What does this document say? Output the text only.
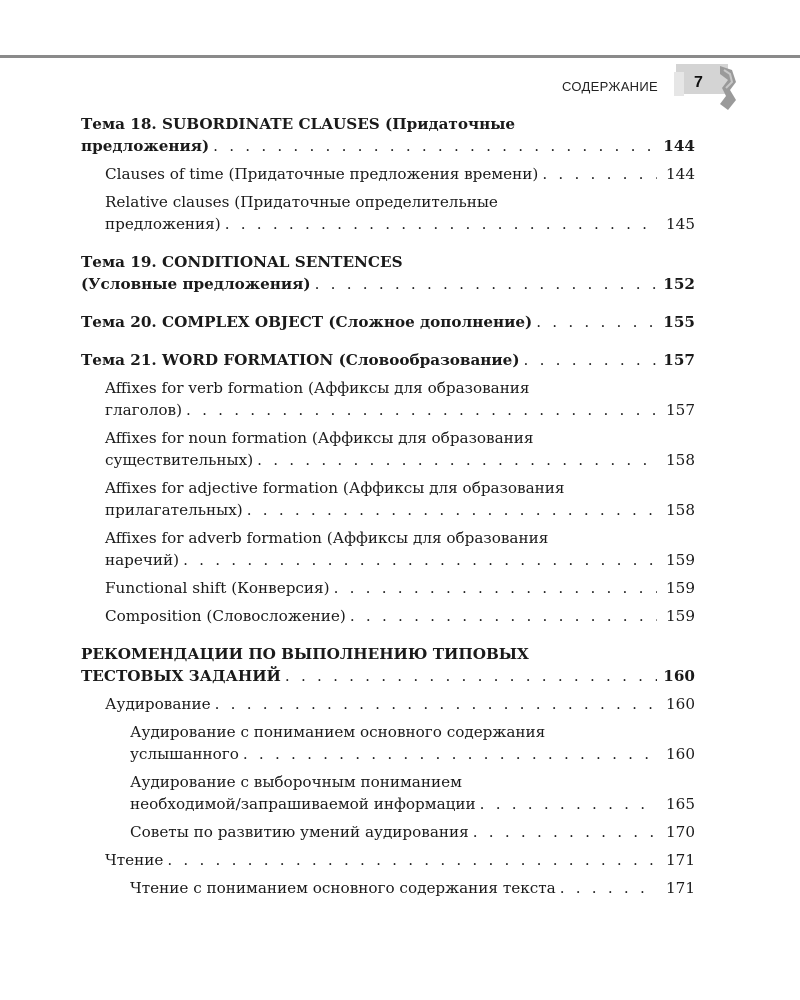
СОДЕРЖАНИЕ 7
Тема 18. SUBORDINATE CLAUSES (Придаточные
предложения) . . .	144
Clauses of time (Придаточные предложения времени) . . .	144
Relative clauses (Придаточные определительные
предложения) . . .	145
Тема 19. CONDITIONAL SENTENCES
(Условные предложения) . . .	152
Тема 20. COMPLEX OBJECT (Сложное дополнение) . . .	155
Тема 21. WORD FORMATION (Словообразование) . . .	157
Affixes for verb formation (Аффиксы для образования
глаголов) . . .	157
Affixes for noun formation (Аффиксы для образования
существительных) . . .	158
Affixes for adjective formation (Аффиксы для образования
прилагательных) . . .	158
Affixes for adverb formation (Аффиксы для образования
наречий) . . .	159
Functional shift (Конверсия) . . .	159
Composition (Словосложение) . . .	159
РЕКОМЕНДАЦИИ ПО ВЫПОЛНЕНИЮ ТИПОВЫХ
ТЕСТОВЫХ ЗАДАНИЙ . . .	160
Аудирование . . .	160
Аудирование с пониманием основного содержания
услышанного . . .	160
Аудирование с выборочным пониманием
необходимой/запрашиваемой информации . . .	165
Советы по развитию умений аудирования . . .	170
Чтение . . .	171
Чтение с пониманием основного содержания текста . . .	171
